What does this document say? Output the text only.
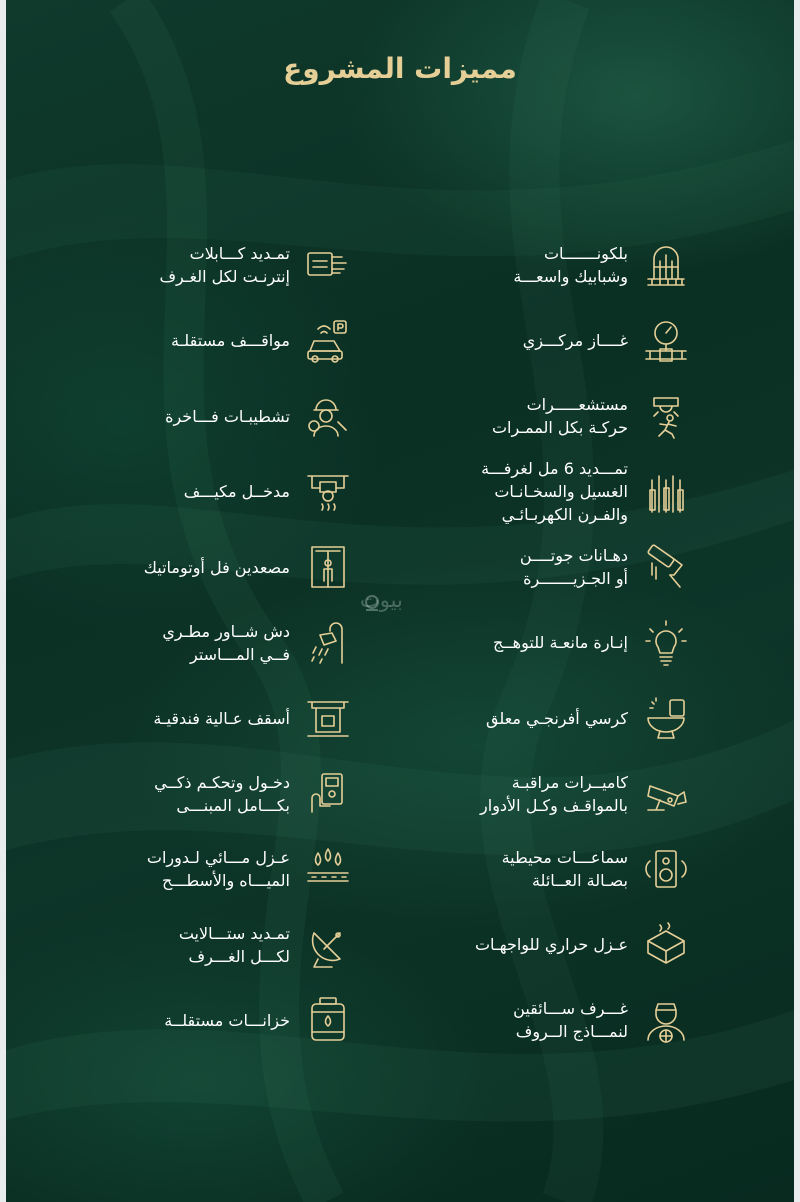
مميزات المشروع
بلكونـــــــات
وشبابيك واسعـــة
غــــاز مركـــزي
مستشعـــــرات
حركـة بكل الممـرات
تمـــديد 6 مل لغرفـــة
الغسيل والسخـانـات
والفـرن الكهربـائـي
دهـانات جوتــــن
أو الجـزيـــــــرة
إنـارة مانعـة للتوهــج
كرسي أفرنجـي معلق
كاميــرات مراقبـة
بالمواقـف وكـل الأدوار
سماعـــات محيطية
بصـالة العــائلة
عـزل حراري للواجهـات
غـــرف ســـائقين
لنمـــاذج الــروف
تمـديد كـــابلات
إنترنـت لكل الغـرف
مواقـــف مستقلـة
تشطيبـات فـــاخرة
مدخــل مكيـــف
مصعدين فل أوتوماتيك
دش شــاور مطـري
فــي المـــاستر
أسقف عـالية فندقيـة
دخـول وتحكـم ذكــي
بكـــامل المبنـــى
عـزل مـــائي لـدورات
الميـــاه والأسطـــح
تمـديد ستـــالايت
لكـــل الغـــرف
خزانـــات مستقلــة
بيوت
